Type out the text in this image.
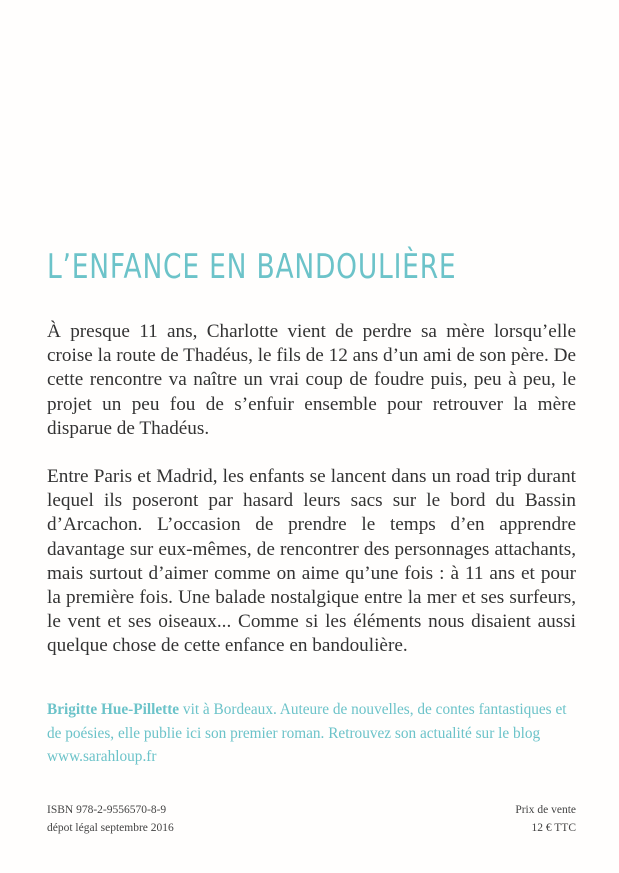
L’ENFANCE EN BANDOULIÈRE

À presque 11 ans, Charlotte vient de perdre sa mère lorsqu’elle croise la route de Thadéus, le fils de 12 ans d’un ami de son père. De cette rencontre va naître un vrai coup de foudre puis, peu à peu, le projet un peu fou de s’enfuir ensemble pour retrouver la mère disparue de Thadéus.

Entre Paris et Madrid, les enfants se lancent dans un road trip durant lequel ils poseront par hasard leurs sacs sur le bord du Bassin d’Arcachon. L’occasion de prendre le temps d’en apprendre davantage sur eux-mêmes, de rencontrer des personnages attachants, mais surtout d’aimer comme on aime qu’une fois : à 11 ans et pour la première fois. Une balade nostalgique entre la mer et ses surfeurs, le vent et ses oiseaux... Comme si les éléments nous disaient aussi quelque chose de cette enfance en bandoulière.

Brigitte Hue-Pillette vit à Bordeaux. Auteure de nouvelles, de contes fantastiques et de poésies, elle publie ici son premier roman. Retrouvez son actualité sur le blog www.sarahloup.fr
ISBN 978-2-9556570-8-9
dépot légal septembre 2016
Prix de vente
12 € TTC
